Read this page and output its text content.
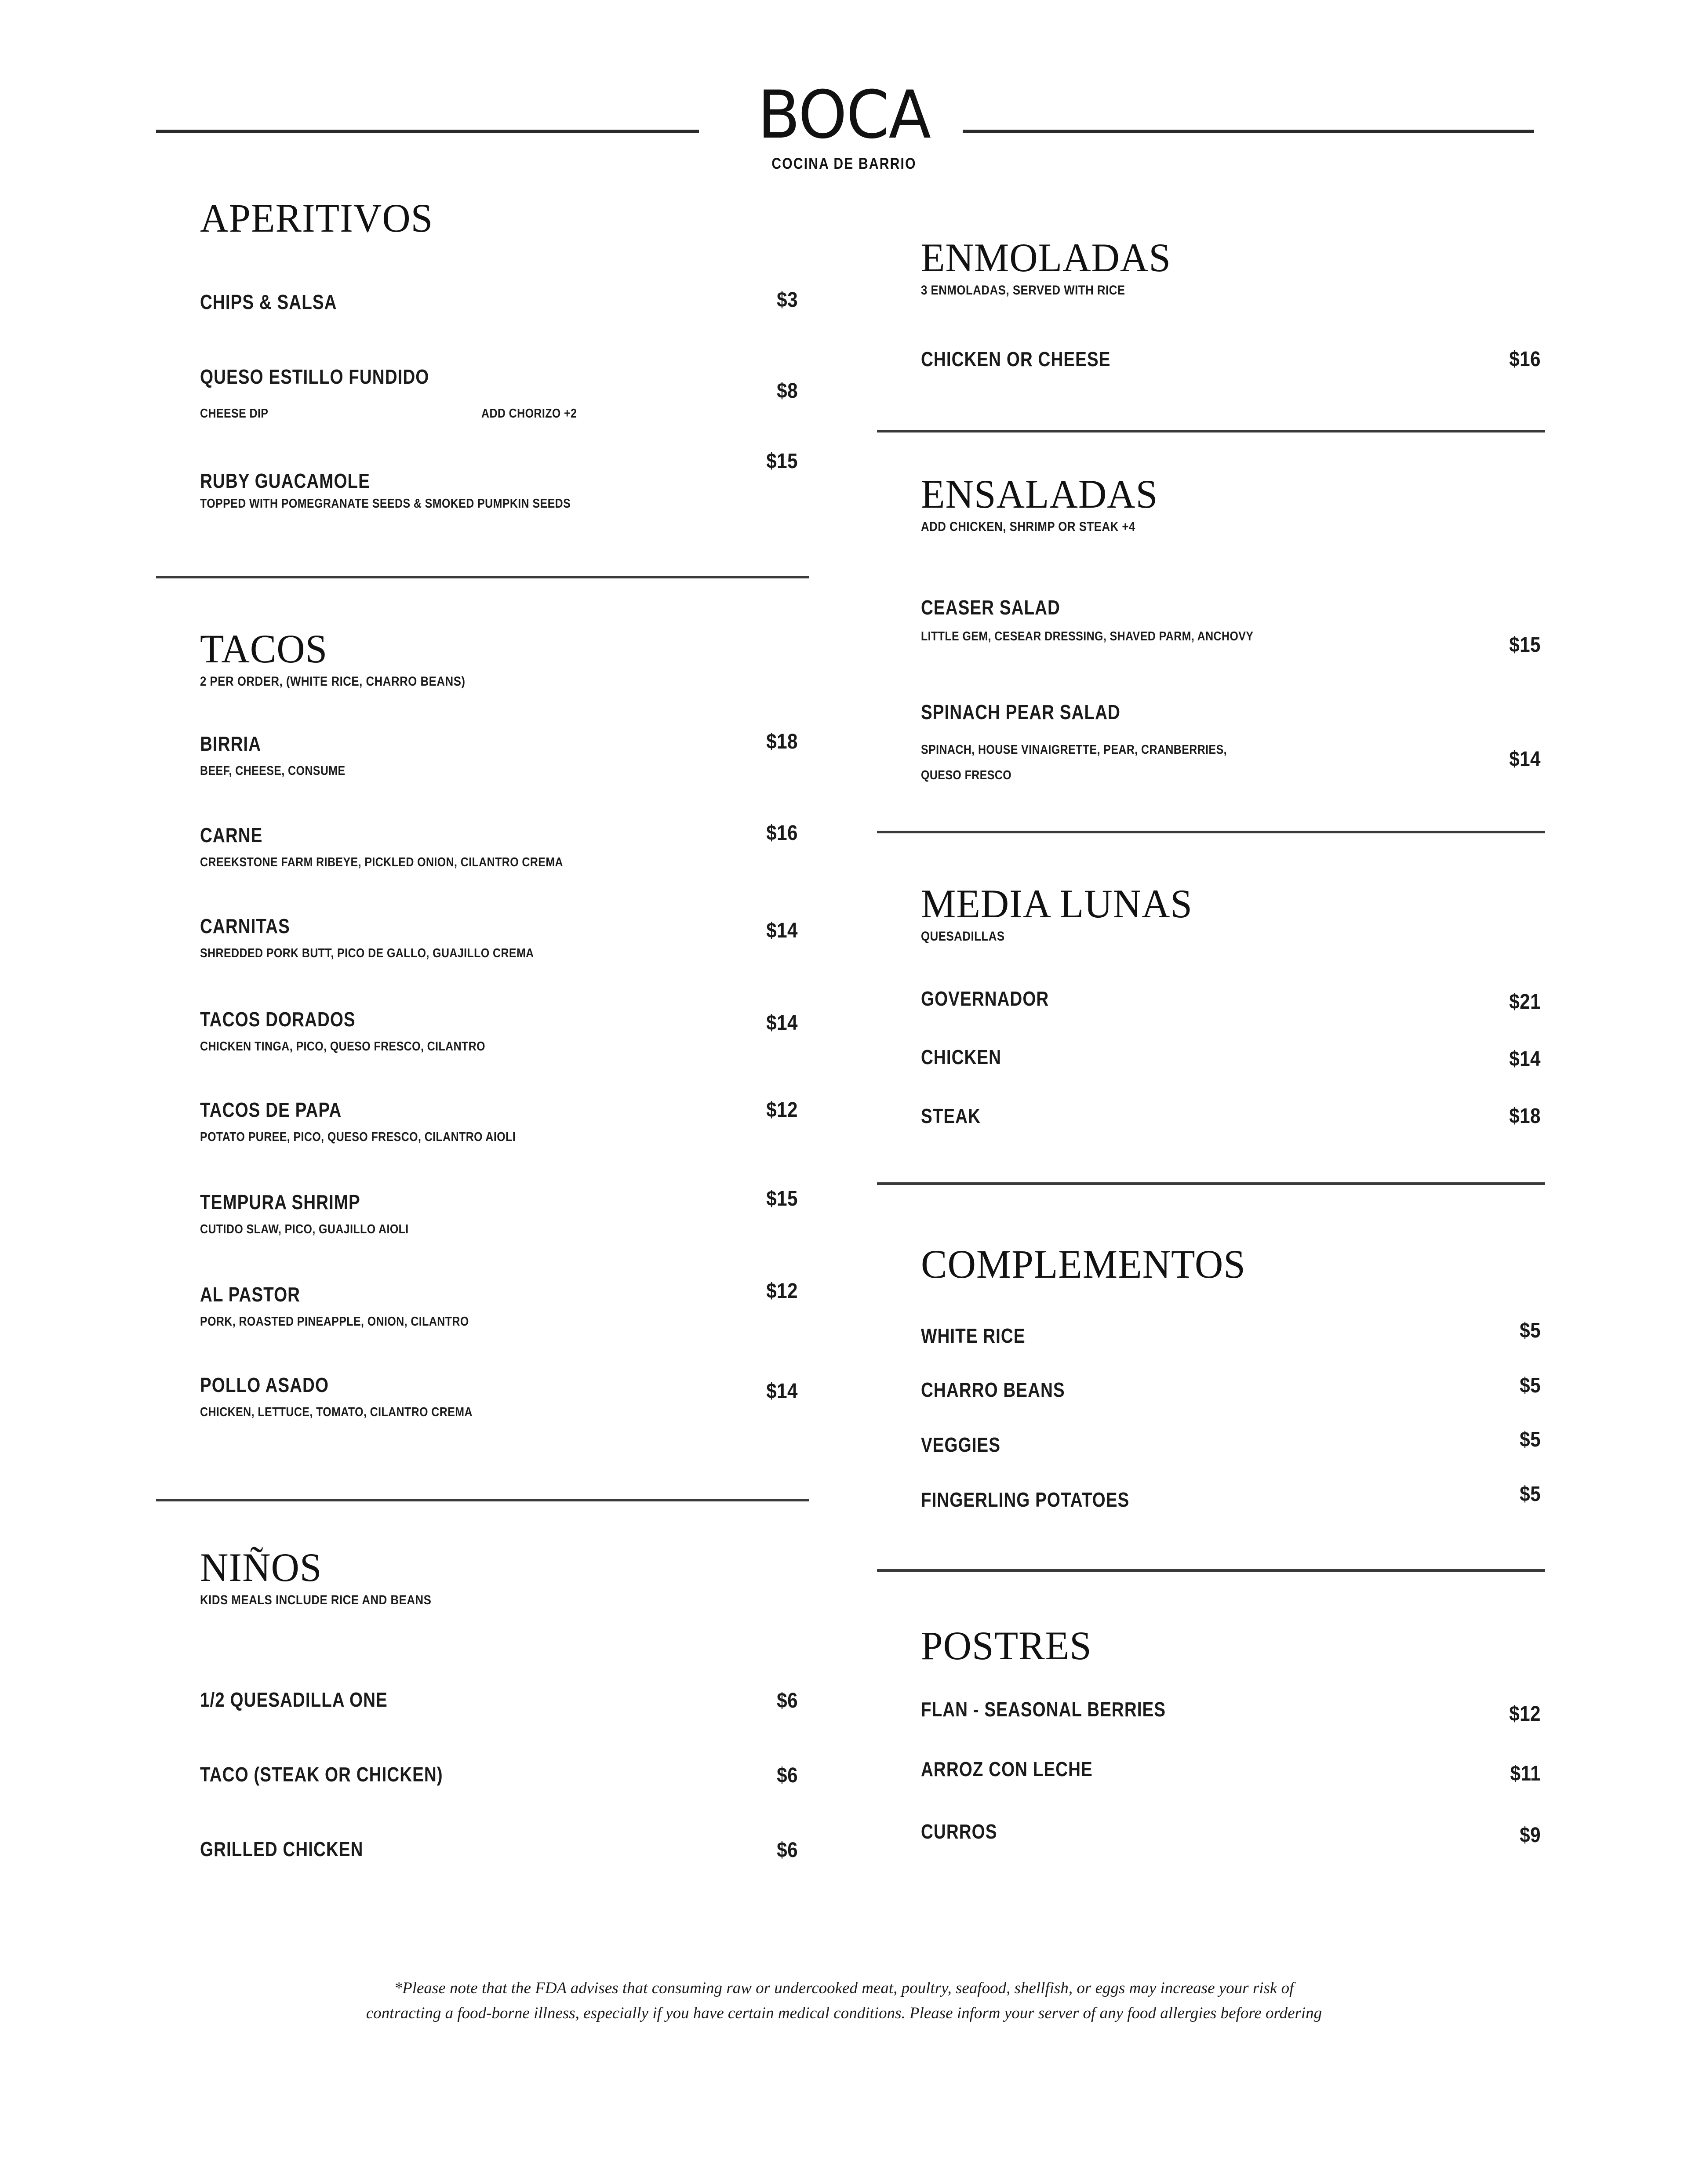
BOCA
COCINA DE BARRIO
APERITIVOS
CHIPS & SALSA	$3
QUESO ESTILLO FUNDIDO
CHEESE DIP	ADD CHORIZO +2
$8
RUBY GUACAMOLE
TOPPED WITH POMEGRANATE SEEDS & SMOKED PUMPKIN SEEDS
$15
TACOS
2 PER ORDER, (WHITE RICE, CHARRO BEANS)
BIRRIA
BEEF, CHEESE, CONSUME
$18
CARNE
CREEKSTONE FARM RIBEYE, PICKLED ONION, CILANTRO CREMA
$16
CARNITAS
SHREDDED PORK BUTT, PICO DE GALLO, GUAJILLO CREMA
$14
TACOS DORADOS
CHICKEN TINGA, PICO, QUESO FRESCO, CILANTRO
$14
TACOS DE PAPA
POTATO PUREE, PICO, QUESO FRESCO, CILANTRO AIOLI
$12
TEMPURA SHRIMP
CUTIDO SLAW, PICO, GUAJILLO AIOLI
$15
AL PASTOR
PORK, ROASTED PINEAPPLE, ONION, CILANTRO
$12
POLLO ASADO
CHICKEN, LETTUCE, TOMATO, CILANTRO CREMA
$14
NIÑOS
KIDS MEALS INCLUDE RICE AND BEANS
1/2 QUESADILLA ONE	$6
TACO (STEAK OR CHICKEN)	$6
GRILLED CHICKEN	$6
ENMOLADAS
3 ENMOLADAS, SERVED WITH RICE
CHICKEN OR CHEESE	$16
ENSALADAS
ADD CHICKEN, SHRIMP OR STEAK +4
CEASER SALAD
LITTLE GEM, CESEAR DRESSING, SHAVED PARM, ANCHOVY	$15
SPINACH PEAR SALAD
SPINACH, HOUSE VINAIGRETTE, PEAR, CRANBERRIES,
QUESO FRESCO
$14
MEDIA LUNAS
QUESADILLAS
GOVERNADOR	$21
CHICKEN	$14
STEAK	$18
COMPLEMENTOS
WHITE RICE	$5
CHARRO BEANS	$5
VEGGIES	$5
FINGERLING POTATOES	$5
POSTRES
FLAN - SEASONAL BERRIES	$12
ARROZ CON LECHE	$11
CURROS	$9
*Please note that the FDA advises that consuming raw or undercooked meat, poultry, seafood, shellfish, or eggs may increase your risk of
contracting a food-borne illness, especially if you have certain medical conditions. Please inform your server of any food allergies before ordering
